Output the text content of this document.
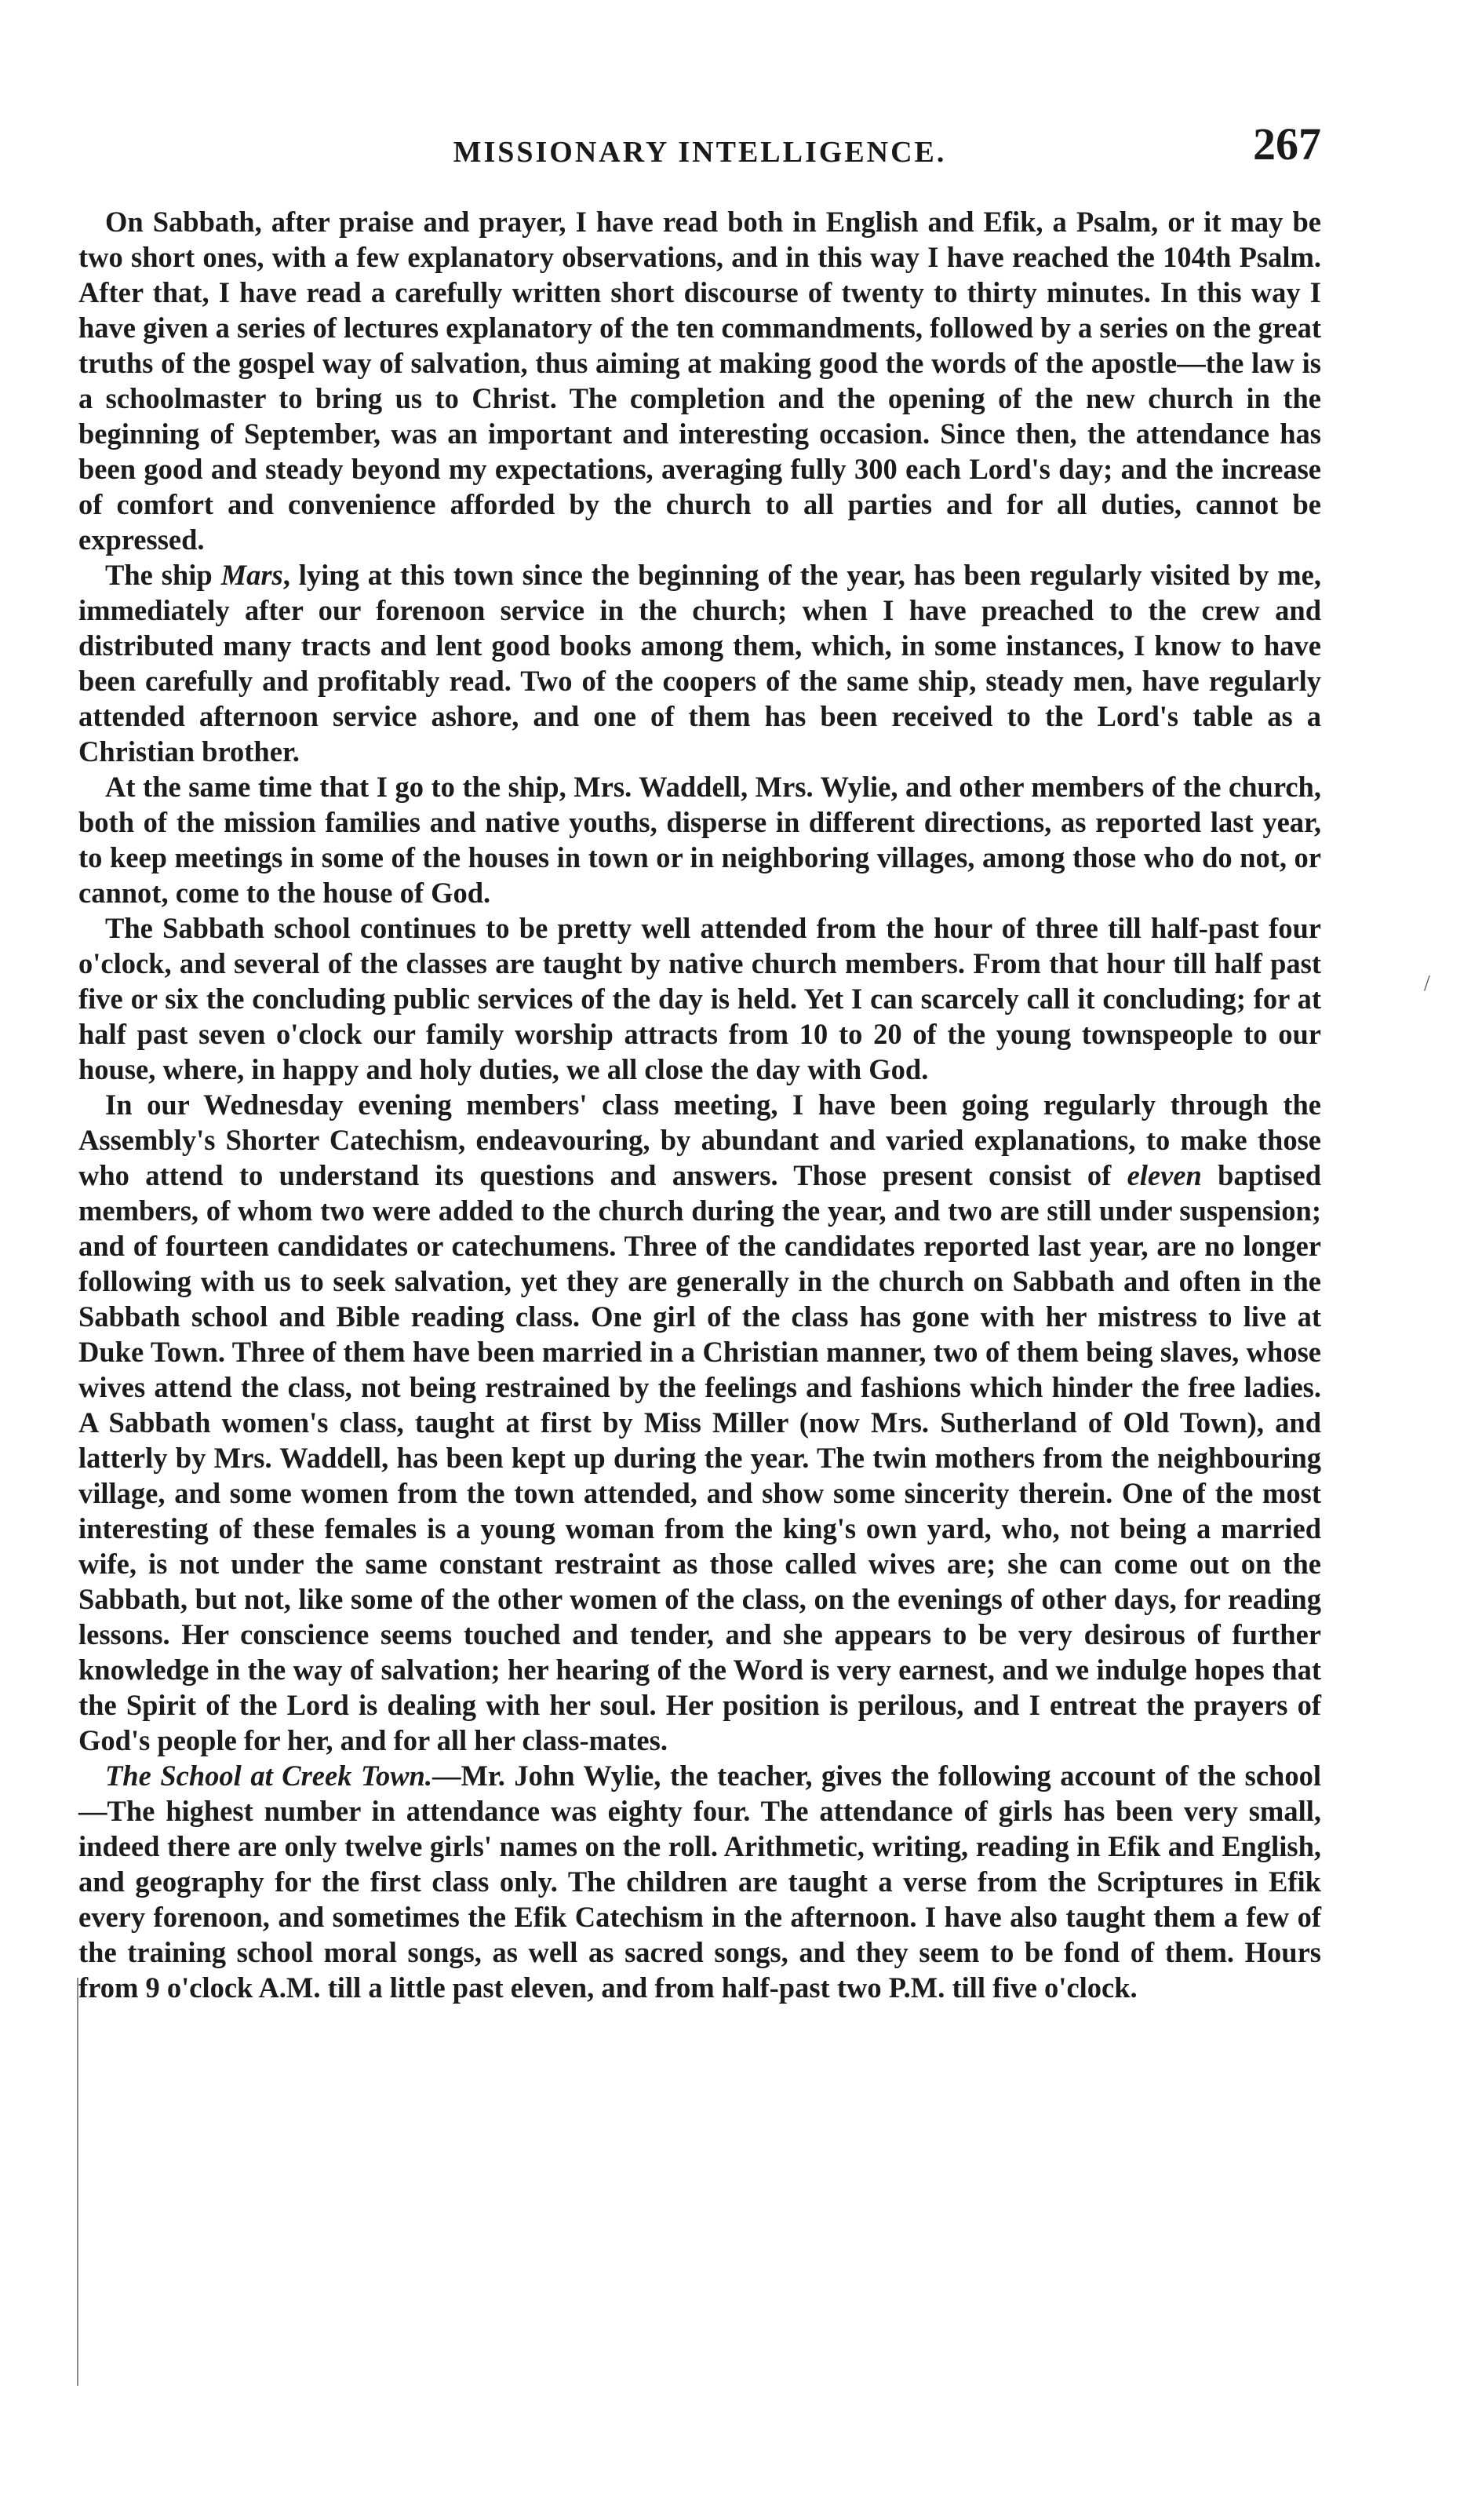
MISSIONARY INTELLIGENCE.	267

On Sabbath, after praise and prayer, I have read both in English and Efik, a Psalm, or it may be two short ones, with a few explanatory observations, and in this way I have reached the 104th Psalm. After that, I have read a carefully written short discourse of twenty to thirty minutes. In this way I have given a series of lectures explanatory of the ten commandments, followed by a series on the great truths of the gospel way of salvation, thus aiming at making good the words of the apostle—the law is a schoolmaster to bring us to Christ. The completion and the opening of the new church in the beginning of September, was an important and interesting occasion. Since then, the attendance has been good and steady beyond my expectations, averaging fully 300 each Lord's day; and the increase of comfort and convenience afforded by the church to all parties and for all duties, cannot be expressed.

The ship Mars, lying at this town since the beginning of the year, has been regularly visited by me, immediately after our forenoon service in the church; when I have preached to the crew and distributed many tracts and lent good books among them, which, in some instances, I know to have been carefully and profitably read. Two of the coopers of the same ship, steady men, have regularly attended afternoon service ashore, and one of them has been received to the Lord's table as a Christian brother.

At the same time that I go to the ship, Mrs. Waddell, Mrs. Wylie, and other members of the church, both of the mission families and native youths, disperse in different directions, as reported last year, to keep meetings in some of the houses in town or in neighboring villages, among those who do not, or cannot, come to the house of God.

The Sabbath school continues to be pretty well attended from the hour of three till half-past four o'clock, and several of the classes are taught by native church members. From that hour till half past five or six the concluding public services of the day is held. Yet I can scarcely call it concluding; for at half past seven o'clock our family worship attracts from 10 to 20 of the young townspeople to our house, where, in happy and holy duties, we all close the day with God.

In our Wednesday evening members' class meeting, I have been going regularly through the Assembly's Shorter Catechism, endeavouring, by abundant and varied explanations, to make those who attend to understand its questions and answers. Those present consist of eleven baptised members, of whom two were added to the church during the year, and two are still under suspension; and of fourteen candidates or catechumens. Three of the candidates reported last year, are no longer following with us to seek salvation, yet they are generally in the church on Sabbath and often in the Sabbath school and Bible reading class. One girl of the class has gone with her mistress to live at Duke Town. Three of them have been married in a Christian manner, two of them being slaves, whose wives attend the class, not being restrained by the feelings and fashions which hinder the free ladies. A Sabbath women's class, taught at first by Miss Miller (now Mrs. Sutherland of Old Town), and latterly by Mrs. Waddell, has been kept up during the year. The twin mothers from the neighbouring village, and some women from the town attended, and show some sincerity therein. One of the most interesting of these females is a young woman from the king's own yard, who, not being a married wife, is not under the same constant restraint as those called wives are; she can come out on the Sabbath, but not, like some of the other women of the class, on the evenings of other days, for reading lessons. Her conscience seems touched and tender, and she appears to be very desirous of further knowledge in the way of salvation; her hearing of the Word is very earnest, and we indulge hopes that the Spirit of the Lord is dealing with her soul. Her position is perilous, and I entreat the prayers of God's people for her, and for all her class-mates.

The School at Creek Town.—Mr. John Wylie, the teacher, gives the following account of the school—The highest number in attendance was eighty four. The attendance of girls has been very small, indeed there are only twelve girls' names on the roll. Arithmetic, writing, reading in Efik and English, and geography for the first class only. The children are taught a verse from the Scriptures in Efik every forenoon, and sometimes the Efik Catechism in the afternoon. I have also taught them a few of the training school moral songs, as well as sacred songs, and they seem to be fond of them. Hours from 9 o'clock A.M. till a little past eleven, and from half-past two P.M. till five o'clock.

/
